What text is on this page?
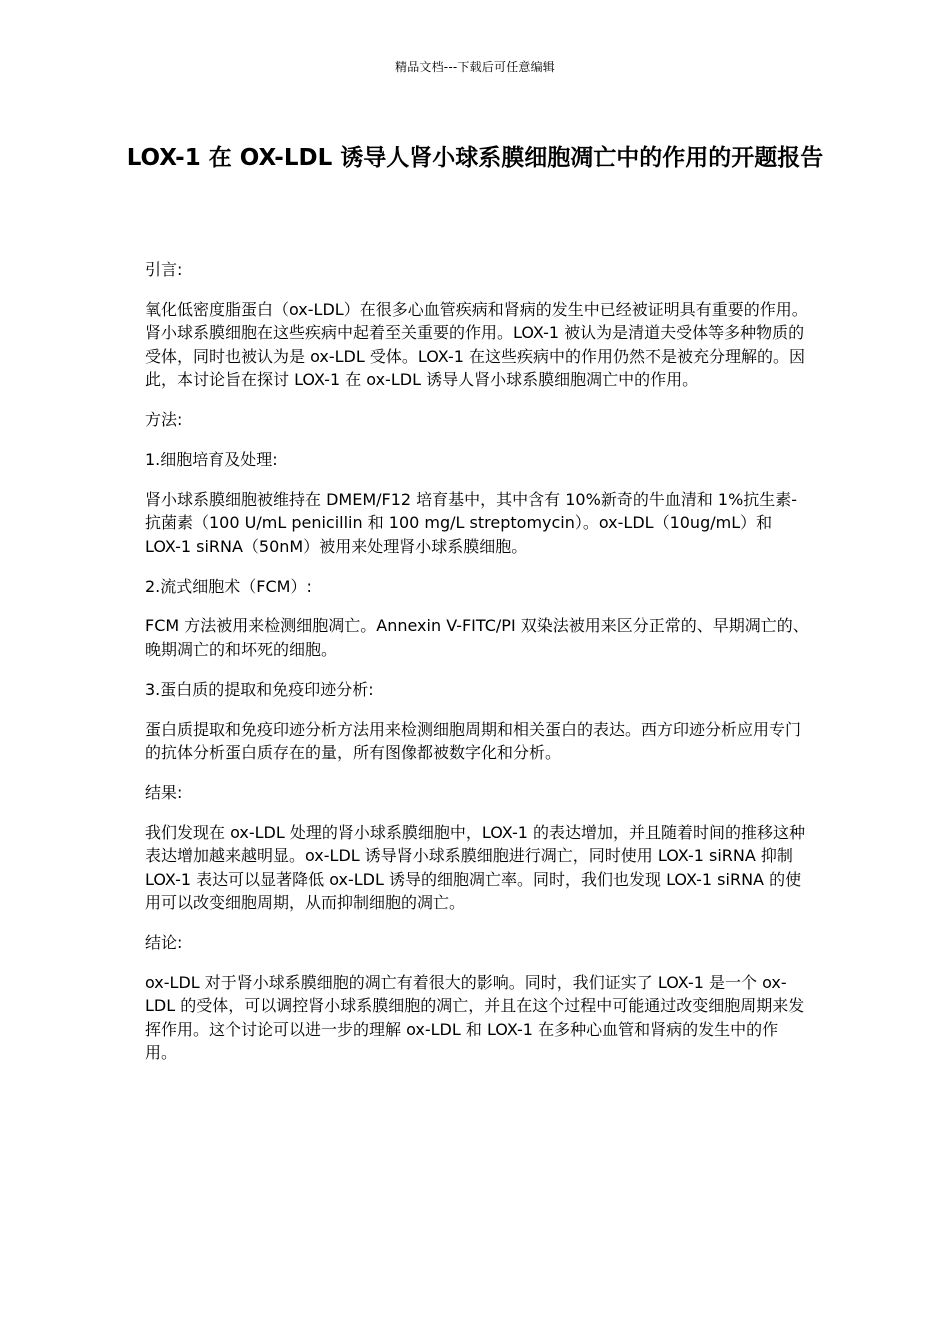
精品文档---下载后可任意编辑
LOX-1 在 OX-LDL 诱导人肾小球系膜细胞凋亡中的作用的开题报告

引言:

氧化低密度脂蛋白（ox-LDL）在很多心血管疾病和肾病的发生中已经被证明具有重要的作用。肾小球系膜细胞在这些疾病中起着至关重要的作用。LOX-1 被认为是清道夫受体等多种物质的受体，同时也被认为是 ox-LDL 受体。LOX-1 在这些疾病中的作用仍然不是被充分理解的。因此，本讨论旨在探讨 LOX-1 在 ox-LDL 诱导人肾小球系膜细胞凋亡中的作用。

方法:

1.细胞培育及处理:

肾小球系膜细胞被维持在 DMEM/F12 培育基中，其中含有 10%新奇的牛血清和 1%抗生素-抗菌素（100 U/mL penicillin 和 100 mg/L streptomycin）。ox-LDL（10ug/mL）和 LOX-1 siRNA（50nM）被用来处理肾小球系膜细胞。

2.流式细胞术（FCM）:

FCM 方法被用来检测细胞凋亡。Annexin V-FITC/PI 双染法被用来区分正常的、早期凋亡的、晚期凋亡的和坏死的细胞。

3.蛋白质的提取和免疫印迹分析:

蛋白质提取和免疫印迹分析方法用来检测细胞周期和相关蛋白的表达。西方印迹分析应用专门的抗体分析蛋白质存在的量，所有图像都被数字化和分析。

结果:

我们发现在 ox-LDL 处理的肾小球系膜细胞中，LOX-1 的表达增加，并且随着时间的推移这种表达增加越来越明显。ox-LDL 诱导肾小球系膜细胞进行凋亡，同时使用 LOX-1 siRNA 抑制 LOX-1 表达可以显著降低 ox-LDL 诱导的细胞凋亡率。同时，我们也发现 LOX-1 siRNA 的使用可以改变细胞周期，从而抑制细胞的凋亡。

结论:

ox-LDL 对于肾小球系膜细胞的凋亡有着很大的影响。同时，我们证实了 LOX-1 是一个 ox-LDL 的受体，可以调控肾小球系膜细胞的凋亡，并且在这个过程中可能通过改变细胞周期来发挥作用。这个讨论可以进一步的理解 ox-LDL 和 LOX-1 在多种心血管和肾病的发生中的作用。
